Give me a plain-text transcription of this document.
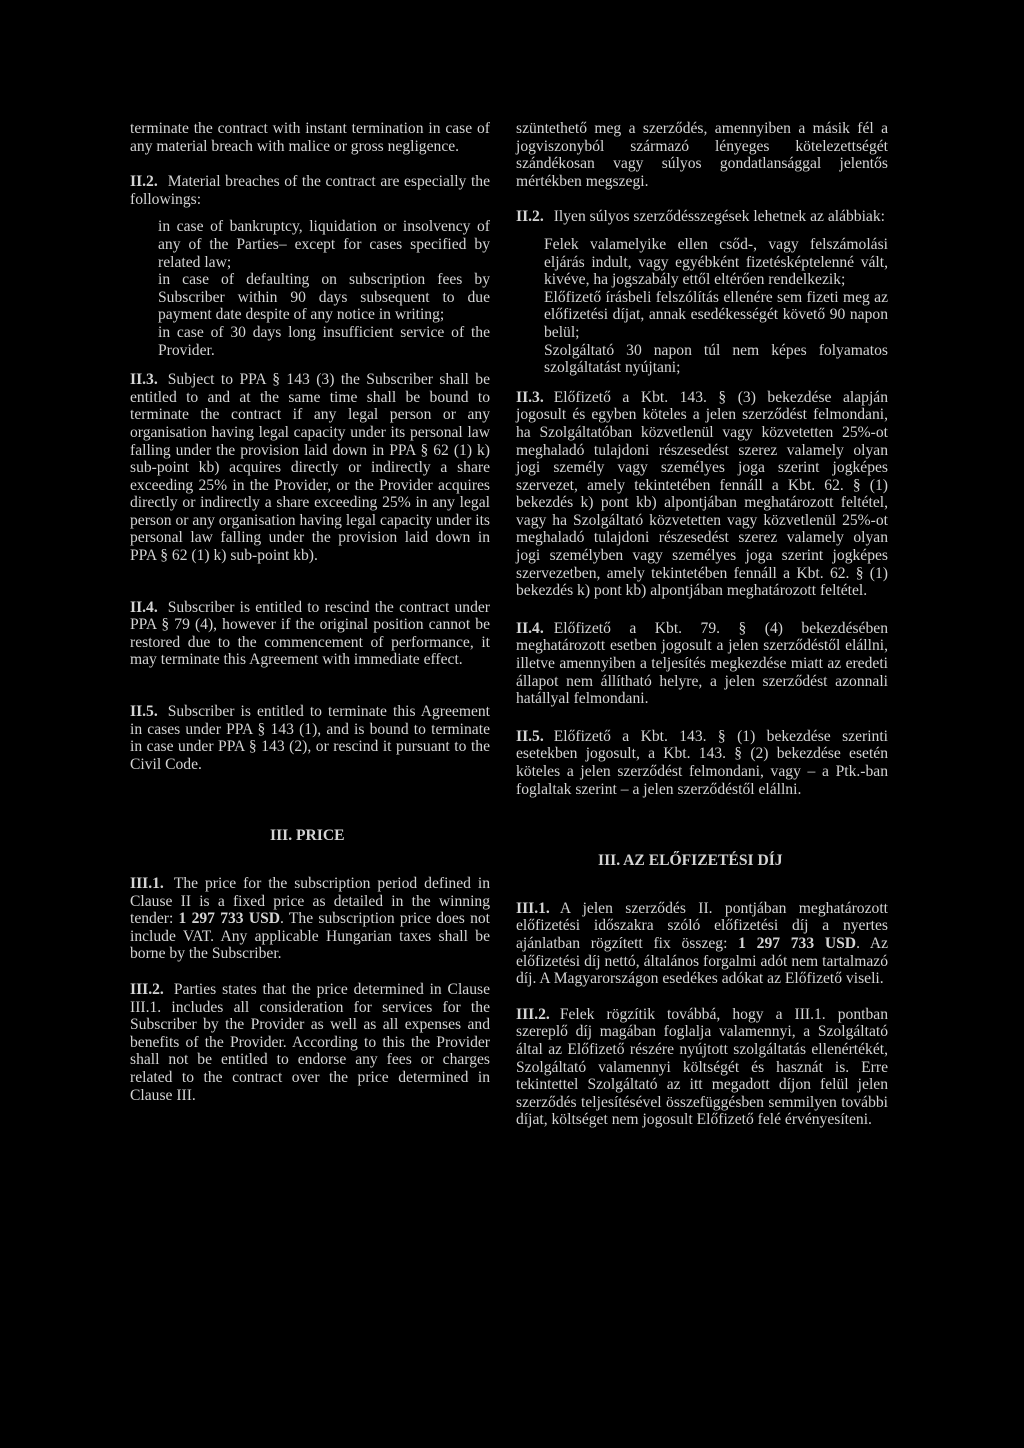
terminate the contract with instant termination in case of any material breach with malice or gross negligence.

II.2. Material breaches of the contract are especially the followings:

in case of bankruptcy, liquidation or insolvency of any of the Parties– except for cases specified by related law;
in case of defaulting on subscription fees by Subscriber within 90 days subsequent to due payment date despite of any notice in writing;
in case of 30 days long insufficient service of the Provider.

II.3. Subject to PPA § 143 (3) the Subscriber shall be entitled to and at the same time shall be bound to terminate the contract if any legal person or any organisation having legal capacity under its personal law falling under the provision laid down in PPA § 62 (1) k) sub-point kb) acquires directly or indirectly a share exceeding 25% in the Provider, or the Provider acquires directly or indirectly a share exceeding 25% in any legal person or any organisation having legal capacity under its personal law falling under the provision laid down in PPA § 62 (1) k) sub-point kb).

II.4. Subscriber is entitled to rescind the contract under PPA § 79 (4), however if the original position cannot be restored due to the commencement of performance, it may terminate this Agreement with immediate effect.

II.5. Subscriber is entitled to terminate this Agreement in cases under PPA § 143 (1), and is bound to terminate in case under PPA § 143 (2), or rescind it pursuant to the Civil Code.

III. PRICE

III.1. The price for the subscription period defined in Clause II is a fixed price as detailed in the winning tender: 1 297 733 USD. The subscription price does not include VAT. Any applicable Hungarian taxes shall be borne by the Subscriber.

III.2. Parties states that the price determined in Clause III.1. includes all consideration for services for the Subscriber by the Provider as well as all expenses and benefits of the Provider. According to this the Provider shall not be entitled to endorse any fees or charges related to the contract over the price determined in Clause III.

szüntethető meg a szerződés, amennyiben a másik fél a jogviszonyból származó lényeges kötelezettségét szándékosan vagy súlyos gondatlansággal jelentős mértékben megszegi.

II.2. Ilyen súlyos szerződésszegések lehetnek az alábbiak:

Felek valamelyike ellen csőd-, vagy felszámolási eljárás indult, vagy egyébként fizetésképtelenné vált, kivéve, ha jogszabály ettől eltérően rendelkezik;
Előfizető írásbeli felszólítás ellenére sem fizeti meg az előfizetési díjat, annak esedékességét követő 90 napon belül;
Szolgáltató 30 napon túl nem képes folyamatos szolgáltatást nyújtani;

II.3. Előfizető a Kbt. 143. § (3) bekezdése alapján jogosult és egyben köteles a jelen szerződést felmondani, ha Szolgáltatóban közvetlenül vagy közvetetten 25%-ot meghaladó tulajdoni részesedést szerez valamely olyan jogi személy vagy személyes joga szerint jogképes szervezet, amely tekintetében fennáll a Kbt. 62. § (1) bekezdés k) pont kb) alpontjában meghatározott feltétel, vagy ha Szolgáltató közvetetten vagy közvetlenül 25%-ot meghaladó tulajdoni részesedést szerez valamely olyan jogi személyben vagy személyes joga szerint jogképes szervezetben, amely tekintetében fennáll a Kbt. 62. § (1) bekezdés k) pont kb) alpontjában meghatározott feltétel.

II.4. Előfizető a Kbt. 79. § (4) bekezdésében meghatározott esetben jogosult a jelen szerződéstől elállni, illetve amennyiben a teljesítés megkezdése miatt az eredeti állapot nem állítható helyre, a jelen szerződést azonnali hatállyal felmondani.

II.5. Előfizető a Kbt. 143. § (1) bekezdése szerinti esetekben jogosult, a Kbt. 143. § (2) bekezdése esetén köteles a jelen szerződést felmondani, vagy – a Ptk.-ban foglaltak szerint – a jelen szerződéstől elállni.

III. AZ ELŐFIZETÉSI DÍJ

III.1. A jelen szerződés II. pontjában meghatározott előfizetési időszakra szóló előfizetési díj a nyertes ajánlatban rögzített fix összeg: 1 297 733 USD. Az előfizetési díj nettó, általános forgalmi adót nem tartalmazó díj. A Magyarországon esedékes adókat az Előfizető viseli.

III.2. Felek rögzítik továbbá, hogy a III.1. pontban szereplő díj magában foglalja valamennyi, a Szolgáltató által az Előfizető részére nyújtott szolgáltatás ellenértékét, Szolgáltató valamennyi költségét és hasznát is. Erre tekintettel Szolgáltató az itt megadott díjon felül jelen szerződés teljesítésével összefüggésben semmilyen további díjat, költséget nem jogosult Előfizető felé érvényesíteni.
